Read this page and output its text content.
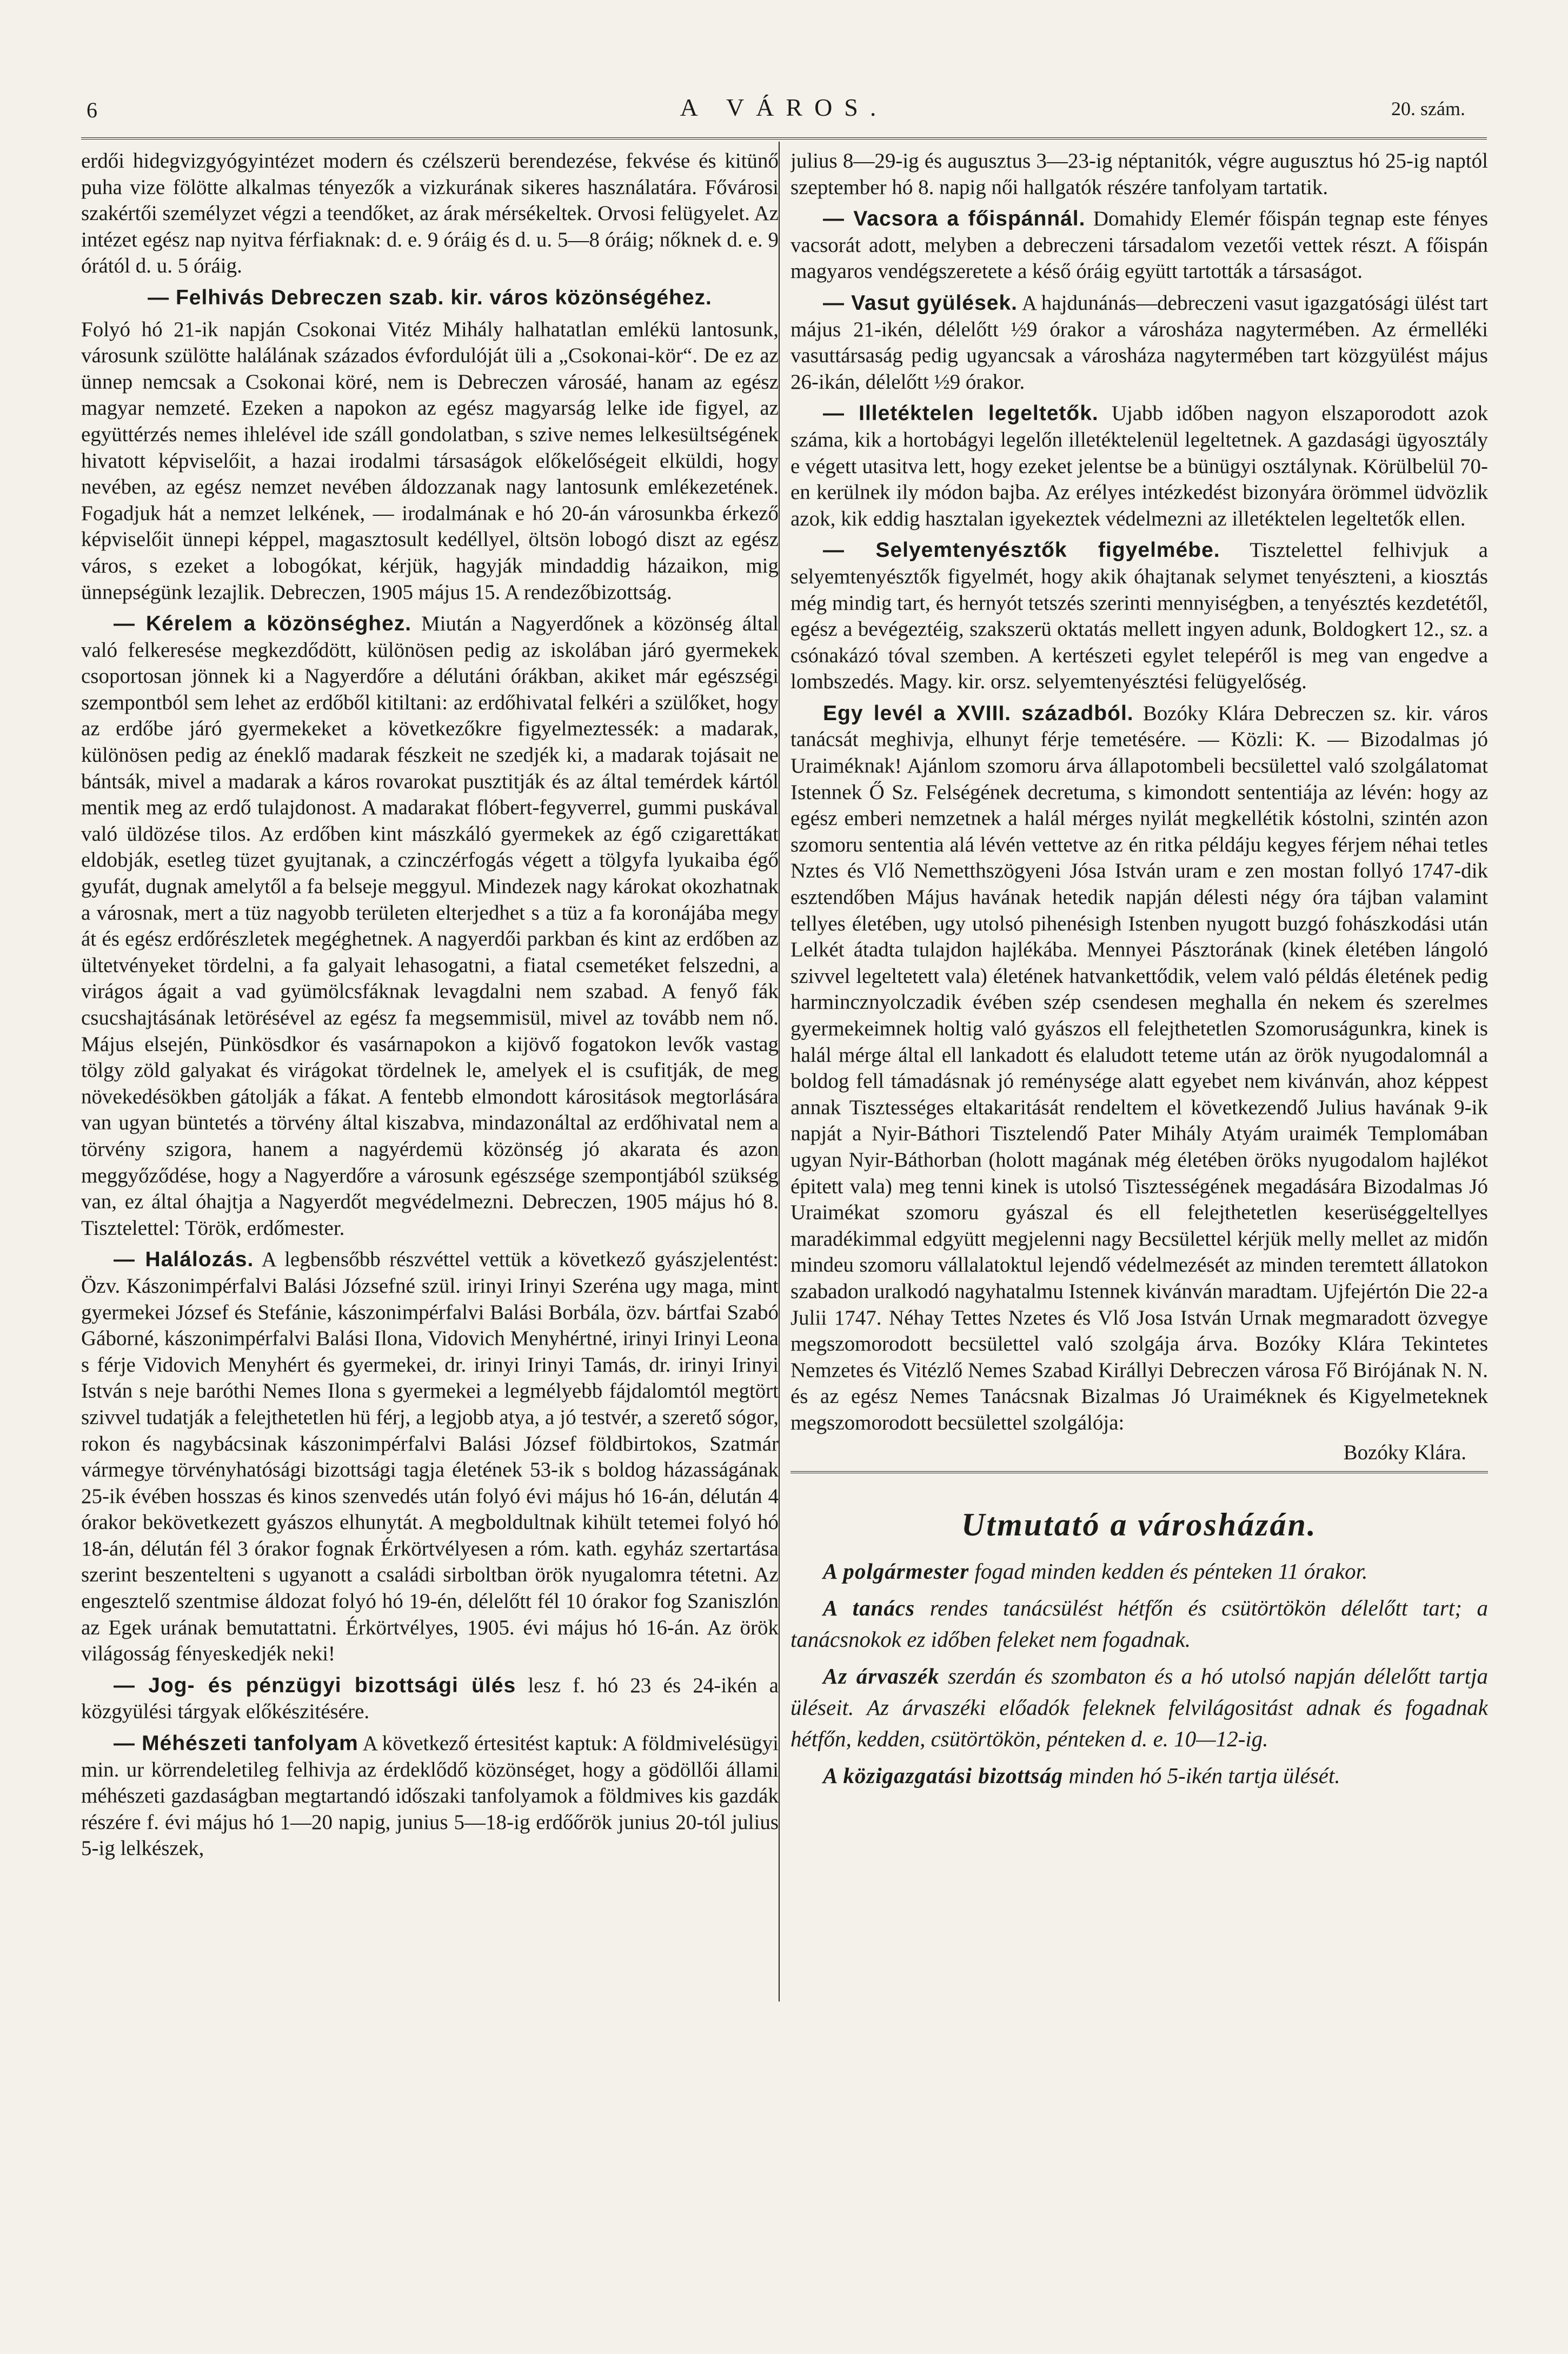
6	A VÁROS.	20. szám.

erdői hidegvizgyógyintézet modern és czélszerü berendezése, fekvése és kitünő puha vize fölötte alkalmas tényezők a vizkurának sikeres használatára. Fővárosi szakértői személyzet végzi a teendőket, az árak mérsékeltek. Orvosi felügyelet. Az intézet egész nap nyitva férfiaknak: d. e. 9 óráig és d. u. 5—8 óráig; nőknek d. e. 9 órától d. u. 5 óráig.

— Felhivás Debreczen szab. kir. város közönségéhez.

Folyó hó 21-ik napján Csokonai Vitéz Mihály halhatatlan emlékü lantosunk, városunk szülötte halálának százados évfordulóját üli a „Csokonai-kör“. De ez az ünnep nemcsak a Csokonai köré, nem is Debreczen városáé, hanam az egész magyar nemzeté. Ezeken a napokon az egész magyarság lelke ide figyel, az együttérzés nemes ihlelével ide száll gondolatban, s szive nemes lelkesültségének hivatott képviselőit, a hazai irodalmi társaságok előkelőségeit elküldi, hogy nevében, az egész nemzet nevében áldozzanak nagy lantosunk emlékezetének. Fogadjuk hát a nemzet lelkének, — irodalmának e hó 20-án városunkba érkező képviselőit ünnepi képpel, magasztosult kedéllyel, öltsön lobogó diszt az egész város, s ezeket a lobogókat, kérjük, hagyják mindaddig házaikon, mig ünnepségünk lezajlik. Debreczen, 1905 május 15. A rendezőbizottság.

— Kérelem a közönséghez. Miután a Nagyerdőnek a közönség által való felkeresése megkezdődött, különösen pedig az iskolában járó gyermekek csoportosan jönnek ki a Nagyerdőre a délutáni órákban, akiket már egészségi szempontból sem lehet az erdőből kitiltani: az erdőhivatal felkéri a szülőket, hogy az erdőbe járó gyermekeket a következőkre figyelmeztessék: a madarak, különösen pedig az éneklő madarak fészkeit ne szedjék ki, a madarak tojásait ne bántsák, mivel a madarak a káros rovarokat pusztitják és az által temérdek kártól mentik meg az erdő tulajdonost. A madarakat flóbert-fegyverrel, gummi puskával való üldözése tilos. Az erdőben kint mászkáló gyermekek az égő czigarettákat eldobják, esetleg tüzet gyujtanak, a czinczérfogás végett a tölgyfa lyukaiba égő gyufát, dugnak amelytől a fa belseje meggyul. Mindezek nagy károkat okozhatnak a városnak, mert a tüz nagyobb területen elterjedhet s a tüz a fa koronájába megy át és egész erdőrészletek megéghetnek. A nagyerdői parkban és kint az erdőben az ültetvényeket tördelni, a fa galyait lehasogatni, a fiatal csemetéket felszedni, a virágos ágait a vad gyümölcsfáknak levagdalni nem szabad. A fenyő fák csucshajtásának letörésével az egész fa megsemmisül, mivel az tovább nem nő. Május elsején, Pünkösdkor és vasárnapokon a kijövő fogatokon levők vastag tölgy zöld galyakat és virágokat tördelnek le, amelyek el is csufitják, de meg növekedésökben gátolják a fákat. A fentebb elmondott kárositások megtorlására van ugyan büntetés a törvény által kiszabva, mindazonáltal az erdőhivatal nem a törvény szigora, hanem a nagyérdemü közönség jó akarata és azon meggyőződése, hogy a Nagyerdőre a városunk egészsége szempontjából szükség van, ez által óhajtja a Nagyerdőt megvédelmezni. Debreczen, 1905 május hó 8. Tisztelettel: Török, erdőmester.

— Halálozás. A legbensőbb részvéttel vettük a következő gyászjelentést: Özv. Kászonimpérfalvi Balási Józsefné szül. irinyi Irinyi Szeréna ugy maga, mint gyermekei József és Stefánie, kászonimpérfalvi Balási Borbála, özv. bártfai Szabó Gáborné, kászonimpérfalvi Balási Ilona, Vidovich Menyhértné, irinyi Irinyi Leona s férje Vidovich Menyhért és gyermekei, dr. irinyi Irinyi Tamás, dr. irinyi Irinyi István s neje baróthi Nemes Ilona s gyermekei a legmélyebb fájdalomtól megtört szivvel tudatják a felejthetetlen hü férj, a legjobb atya, a jó testvér, a szerető sógor, rokon és nagybácsinak kászonimpérfalvi Balási József földbirtokos, Szatmár vármegye törvényhatósági bizottsági tagja életének 53-ik s boldog házasságának 25-ik évében hosszas és kinos szenvedés után folyó évi május hó 16-án, délután 4 órakor bekövetkezett gyászos elhunytát. A megboldultnak kihült tetemei folyó hó 18-án, délután fél 3 órakor fognak Érkörtvélyesen a róm. kath. egyház szertartása szerint beszentelteni s ugyanott a családi sirboltban örök nyugalomra tétetni. Az engesztelő szentmise áldozat folyó hó 19-én, délelőtt fél 10 órakor fog Szaniszlón az Egek urának bemutattatni. Érkörtvélyes, 1905. évi május hó 16-án. Az örök világosság fényeskedjék neki!

— Jog- és pénzügyi bizottsági ülés lesz f. hó 23 és 24-ikén a közgyülési tárgyak előkészitésére.

— Méhészeti tanfolyam A következő értesitést kaptuk: A földmivelésügyi min. ur körrendeletileg felhivja az érdeklődő közönséget, hogy a gödöllői állami méhészeti gazdaságban megtartandó időszaki tanfolyamok a földmives kis gazdák részére f. évi május hó 1—20 napig, junius 5—18-ig erdőőrök junius 20-tól julius 5-ig lelkészek,

julius 8—29-ig és augusztus 3—23-ig néptanitók, végre augusztus hó 25-ig naptól szeptember hó 8. napig női hallgatók részére tanfolyam tartatik.

— Vacsora a főispánnál. Domahidy Elemér főispán tegnap este fényes vacsorát adott, melyben a debreczeni társadalom vezetői vettek részt. A főispán magyaros vendégszeretete a késő óráig együtt tartották a társaságot.

— Vasut gyülések. A hajdunánás—debreczeni vasut igazgatósági ülést tart május 21-ikén, délelőtt ½9 órakor a városháza nagytermében. Az érmelléki vasuttársaság pedig ugyancsak a városháza nagytermében tart közgyülést május 26-ikán, délelőtt ½9 órakor.

— Illetéktelen legeltetők. Ujabb időben nagyon elszaporodott azok száma, kik a hortobágyi legelőn illetéktelenül legeltetnek. A gazdasági ügyosztály e végett utasitva lett, hogy ezeket jelentse be a bünügyi osztálynak. Körülbelül 70-en kerülnek ily módon bajba. Az erélyes intézkedést bizonyára örömmel üdvözlik azok, kik eddig hasztalan igyekeztek védelmezni az illetéktelen legeltetők ellen.

— Selyemtenyésztők figyelmébe. Tisztelettel felhivjuk a selyemtenyésztők figyelmét, hogy akik óhajtanak selymet tenyészteni, a kiosztás még mindig tart, és hernyót tetszés szerinti mennyiségben, a tenyésztés kezdetétől, egész a bevégeztéig, szakszerü oktatás mellett ingyen adunk, Boldogkert 12., sz. a csónakázó tóval szemben. A kertészeti egylet telepéről is meg van engedve a lombszedés. Magy. kir. orsz. selyemtenyésztési felügyelőség.

Egy levél a XVIII. századból. Bozóky Klára Debreczen sz. kir. város tanácsát meghivja, elhunyt férje temetésére. — Közli: K. — Bizodalmas jó Uraiméknak! Ajánlom szomoru árva állapotombeli becsülettel való szolgálatomat Istennek Ő Sz. Felségének decretuma, s kimondott sententiája az lévén: hogy az egész emberi nemzetnek a halál mérges nyilát megkellétik kóstolni, szintén azon szomoru sententia alá lévén vettetve az én ritka példáju kegyes férjem néhai tetles Nztes és Vlő Nemetthszögyeni Jósa István uram e zen mostan follyó 1747-dik esztendőben Május havának hetedik napján délesti négy óra tájban valamint tellyes életében, ugy utolsó pihenésigh Istenben nyugott buzgó fohászkodási után Lelkét átadta tulajdon hajlékába. Mennyei Pásztorának (kinek életében lángoló szivvel legeltetett vala) életének hatvankettődik, velem való példás életének pedig harmincznyolczadik évében szép csendesen meghalla én nekem és szerelmes gyermekeimnek holtig való gyászos ell felejthetetlen Szomoruságunkra, kinek is halál mérge által ell lankadott és elaludott teteme után az örök nyugodalomnál a boldog fell támadásnak jó reménysége alatt egyebet nem kivánván, ahoz képpest annak Tisztességes eltakaritását rendeltem el következendő Julius havának 9-ik napját a Nyir-Báthori Tisztelendő Pater Mihály Atyám uraimék Templomában ugyan Nyir-Báthorban (holott magának még életében öröks nyugodalom hajlékot épitett vala) meg tenni kinek is utolsó Tisztességének megadására Bizodalmas Jó Uraimékat szomoru gyászal és ell felejthetetlen keserüséggeltellyes maradékimmal edgyütt megjelenni nagy Becsülettel kérjük melly mellet az midőn mindeu szomoru vállalatoktul lejendő védelmezését az minden teremtett állatokon szabadon uralkodó nagyhatalmu Istennek kivánván maradtam. Ujfejértón Die 22-a Julii 1747. Néhay Tettes Nzetes és Vlő Josa István Urnak megmaradott özvegye megszomorodott becsülettel való szolgája árva. Bozóky Klára Tekintetes Nemzetes és Vitézlő Nemes Szabad Királlyi Debreczen városa Fő Birójának N. N. és az egész Nemes Tanácsnak Bizalmas Jó Uraiméknek és Kigyelmeteknek megszomorodott becsülettel szolgálója:

Bozóky Klára.
Utmutató a városházán.

A polgármester fogad minden kedden és pénteken 11 órakor.

A tanács rendes tanácsülést hétfőn és csütörtökön délelőtt tart; a tanácsnokok ez időben feleket nem fogadnak.

Az árvaszék szerdán és szombaton és a hó utolsó napján délelőtt tartja üléseit. Az árvaszéki előadók feleknek felvilágositást adnak és fogadnak hétfőn, kedden, csütörtökön, pénteken d. e. 10—12-ig.

A közigazgatási bizottság minden hó 5-ikén tartja ülését.
